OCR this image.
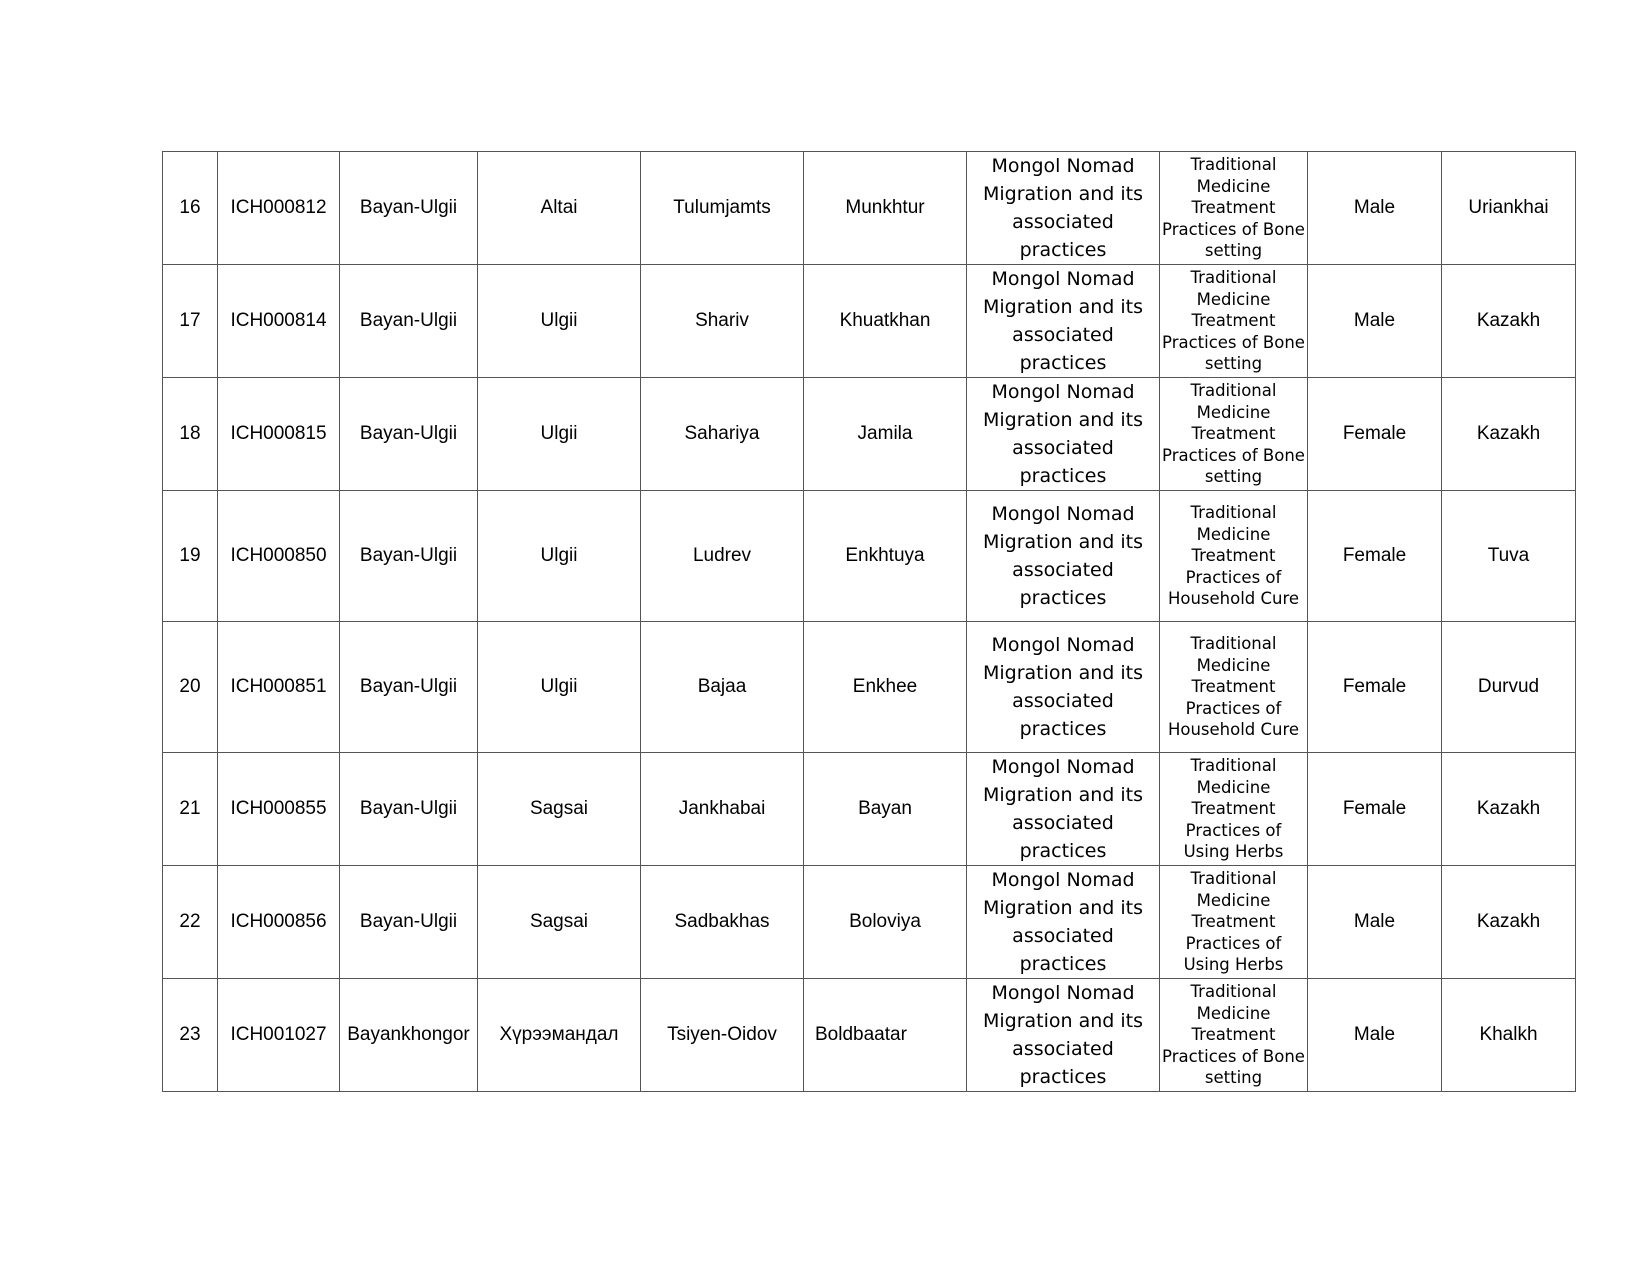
16	ICH000812	Bayan-Ulgii	Altai	Tulumjamts	Munkhtur	Mongol Nomad Migration and its associated practices	Traditional Medicine Treatment Practices of Bone setting	Male	Uriankhai
17	ICH000814	Bayan-Ulgii	Ulgii	Shariv	Khuatkhan	Mongol Nomad Migration and its associated practices	Traditional Medicine Treatment Practices of Bone setting	Male	Kazakh
18	ICH000815	Bayan-Ulgii	Ulgii	Sahariya	Jamila	Mongol Nomad Migration and its associated practices	Traditional Medicine Treatment Practices of Bone setting	Female	Kazakh
19	ICH000850	Bayan-Ulgii	Ulgii	Ludrev	Enkhtuya	Mongol Nomad Migration and its associated practices	Traditional Medicine Treatment Practices of Household Cure	Female	Tuva
20	ICH000851	Bayan-Ulgii	Ulgii	Bajaa	Enkhee	Mongol Nomad Migration and its associated practices	Traditional Medicine Treatment Practices of Household Cure	Female	Durvud
21	ICH000855	Bayan-Ulgii	Sagsai	Jankhabai	Bayan	Mongol Nomad Migration and its associated practices	Traditional Medicine Treatment Practices of Using Herbs	Female	Kazakh
22	ICH000856	Bayan-Ulgii	Sagsai	Sadbakhas	Boloviya	Mongol Nomad Migration and its associated practices	Traditional Medicine Treatment Practices of Using Herbs	Male	Kazakh
23	ICH001027	Bayankhongor	Хүрээмандал	Tsiyen-Oidov	Boldbaatar	Mongol Nomad Migration and its associated practices	Traditional Medicine Treatment Practices of Bone setting	Male	Khalkh
